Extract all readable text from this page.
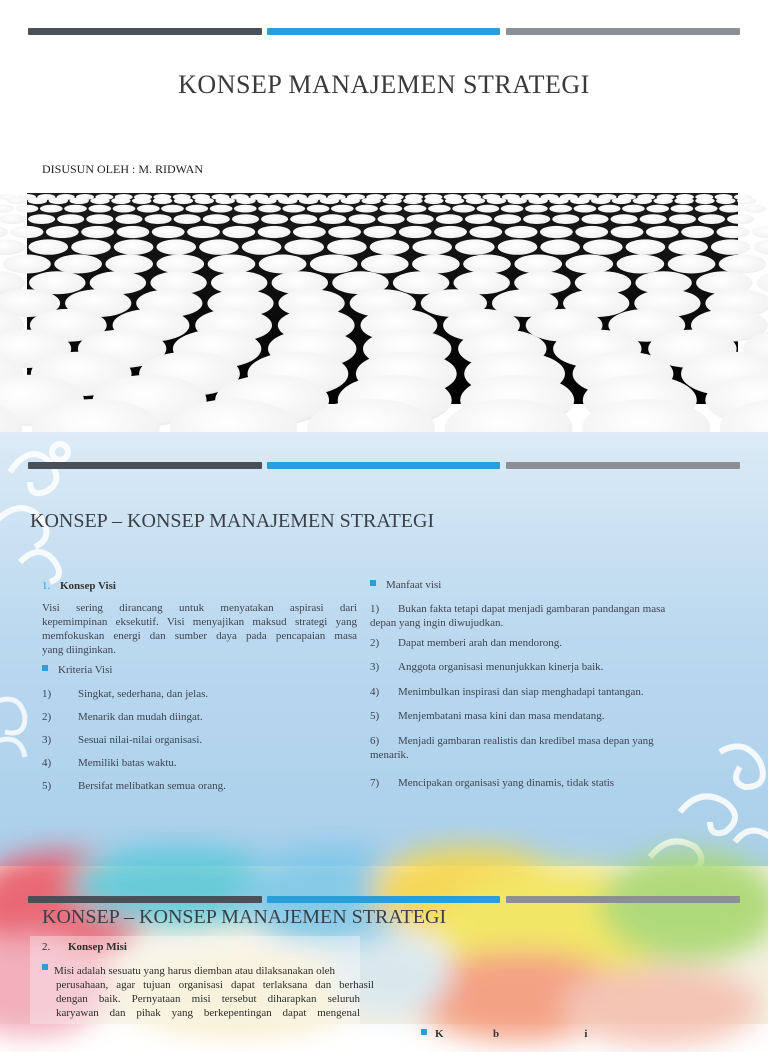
KONSEP MANAJEMEN STRATEGI
DISUSUN OLEH : M. RIDWAN
KONSEP – KONSEP MANAJEMEN STRATEGI
1. Konsep Visi
Visi sering dirancang untuk menyatakan aspirasi dari
kepemimpinan eksekutif. Visi menyajikan maksud strategi yang
memfokuskan energi dan sumber daya pada pencapaian masa
yang diinginkan.
Kriteria Visi
1) Singkat, sederhana, dan jelas.
2) Menarik dan mudah diingat.
3) Sesuai nilai-nilai organisasi.
4) Memiliki batas waktu.
5) Bersifat melibatkan semua orang.
Manfaat visi
1) Bukan fakta tetapi dapat menjadi gambaran pandangan masa
depan yang ingin diwujudkan.
2) Dapat memberi arah dan mendorong.
3) Anggota organisasi menunjukkan kinerja baik.
4) Menimbulkan inspirasi dan siap menghadapi tantangan.
5) Menjembatani masa kini dan masa mendatang.
6) Menjadi gambaran realistis dan kredibel masa depan yang
menarik.
7) Mencipakan organisasi yang dinamis, tidak statis
KONSEP – KONSEP MANAJEMEN STRATEGI
2. Konsep Misi
Misi adalah sesuatu yang harus diemban atau dilaksanakan oleh
perusahaan, agar tujuan organisasi dapat terlaksana dan berhasil
dengan baik. Pernyataan misi tersebut diharapkan seluruh
karyawan dan pihak yang berkepentingan dapat mengenal

K                  b                               i
